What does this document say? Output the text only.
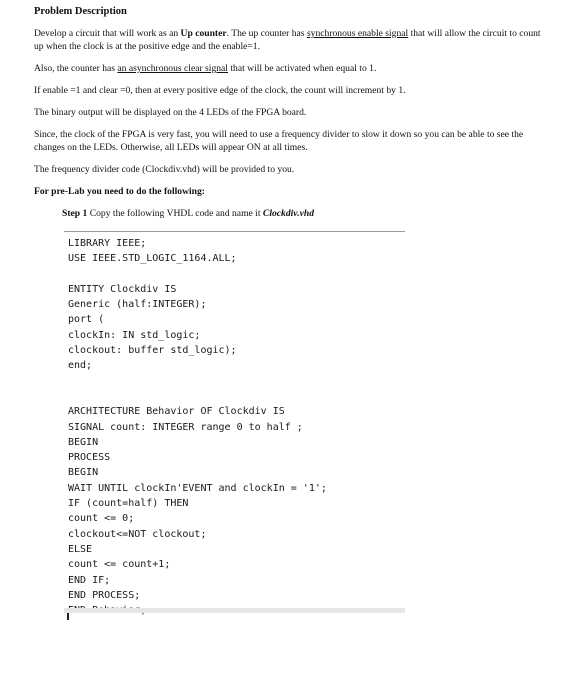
Problem Description
Develop a circuit that will work as an Up counter. The up counter has synchronous enable signal that will allow the circuit to count up when the clock is at the positive edge and the enable=1.
Also, the counter has an asynchronous clear signal that will be activated when equal to 1.
If enable =1 and clear =0, then at every positive edge of the clock, the count will increment by 1.
The binary output will be displayed on the 4 LEDs of the FPGA board.
Since, the clock of the FPGA is very fast, you will need to use a frequency divider to slow it down so you can be able to see the changes on the LEDs. Otherwise, all LEDs will appear ON at all times.
The frequency divider code (Clockdiv.vhd) will be provided to you.
For pre-Lab you need to do the following:
Step 1 Copy the following VHDL code and name it Clockdiv.vhd
LIBRARY IEEE;
USE IEEE.STD_LOGIC_1164.ALL;
ENTITY Clockdiv IS
Generic (half:INTEGER);
port (
clockIn: IN std_logic;
clockout: buffer std_logic);
end;
ARCHITECTURE Behavior OF Clockdiv IS
SIGNAL count: INTEGER range 0 to half ;
BEGIN
PROCESS
BEGIN
WAIT UNTIL clockIn'EVENT and clockIn = '1';
IF (count=half) THEN
count <= 0;
clockout<=NOT clockout;
ELSE
count <= count+1;
END IF;
END PROCESS;
